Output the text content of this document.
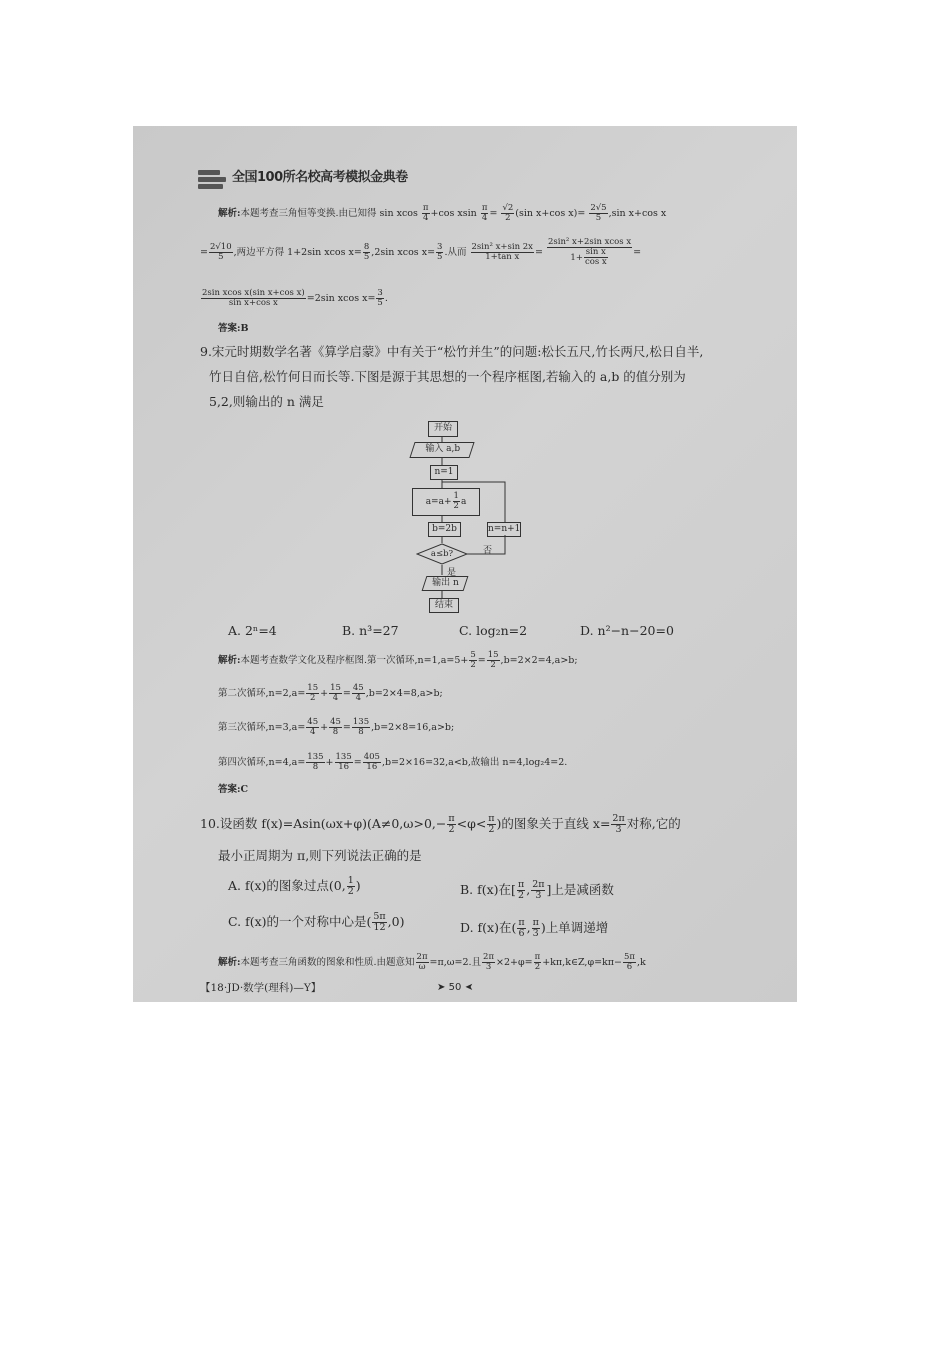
全国100所名校高考模拟金典卷
解析:本题考查三角恒等变换.由已知得 sin xcos $\frac{\pi}{4} +\cos$ xsin $\frac{\pi}{4} = \frac{√2}{2} (\sin$ x+cos $x)= \frac{2√5}{5} ,\sin$ x+cos x
= $\frac{2√10}{5}$ ,两边平方得 1+2sin xcos $x= \frac{8}{5} ,2\sin$ xcos $x= \frac{3}{5}$ .从而 $\frac{\text{2sin² x+sin 2x}}{\text{1+tan x}} = \frac{\text{2sin² x+2sin xcos x}}{1+ \frac{\text{sin x}}{\text{cos x}}}$ =
$\frac{\text{2sin xcos x(sin x+cos x)}}{\text{sin x+cos x}} =2\sin$ xcos $x= \frac{3}{5}$ .
答案:B
9.宋元时期数学名著《算学启蒙》中有关于“松竹并生”的问题:松长五尺,竹长两尺,松日自半,
竹日自倍,松竹何日而长等.下图是源于其思想的一个程序框图,若输入的 a,b 的值分别为
5,2,则输出的 n 满足
开始
输入 a,b
n=1
$a=a+ \frac{1}{2}$ a
b=2b	n=n+1
a≤b?	否
是
输出 n
结束
A. 2ⁿ=4	B. n³=27	C. log₂n=2	D. n²−n−20=0
解析:本题考查数学文化及程序框图.第一次循环$,n=1,a=5+ \frac{5}{2} = \frac{15}{2} ,b=2\times 2=4,a>b$;
第二次循环$,n=2,a= \frac{15}{2} + \frac{15}{4} = \frac{45}{4} ,b=2\times 4=8,a>b$;
第三次循环$,n=3,a= \frac{45}{4} + \frac{45}{8} = \frac{135}{8} ,b=2\times 8=16,a>b$;
第四次循环$,n=4,a= \frac{135}{8} + \frac{135}{16} = \frac{405}{16} ,b=2\times 16=32,a<b$,故输出 n=4,log₂4=2.
答案:C
10.设函数 $f(x)=Asin(\omega x+\varphi)(A\ne 0,\omega>0,- \frac{\pi}{2} <\varphi< \frac{\pi}{2}$ )的图象关于直线 $x= \frac{2\pi}{3}$ 对称,它的
最小正周期为 π,则下列说法正确的是
A. f(x)的图象过点(0, $\frac{1}{2}$ )	B. f(x)在[ $\frac{\pi}{2}$ , $\frac{2\pi}{3}$ ]上是减函数
C. f(x)的一个对称中心是( $\frac{5\pi}{12} ,0$)	D. f(x)在( $\frac{\pi}{6}$ , $\frac{\pi}{3}$ )上单调递增
解析:本题考查三角函数的图象和性质.由题意知 $\frac{2\pi}{\omega} =\pi,\omega=2$.且 $\frac{2\pi}{3} \times 2+\varphi= \frac{\pi}{2}$ +kπ,k∈Z,φ=kπ− $\frac{5\pi}{6} ,k$
【18·JD·数学(理科)—Y】	➤ 50 ➤
